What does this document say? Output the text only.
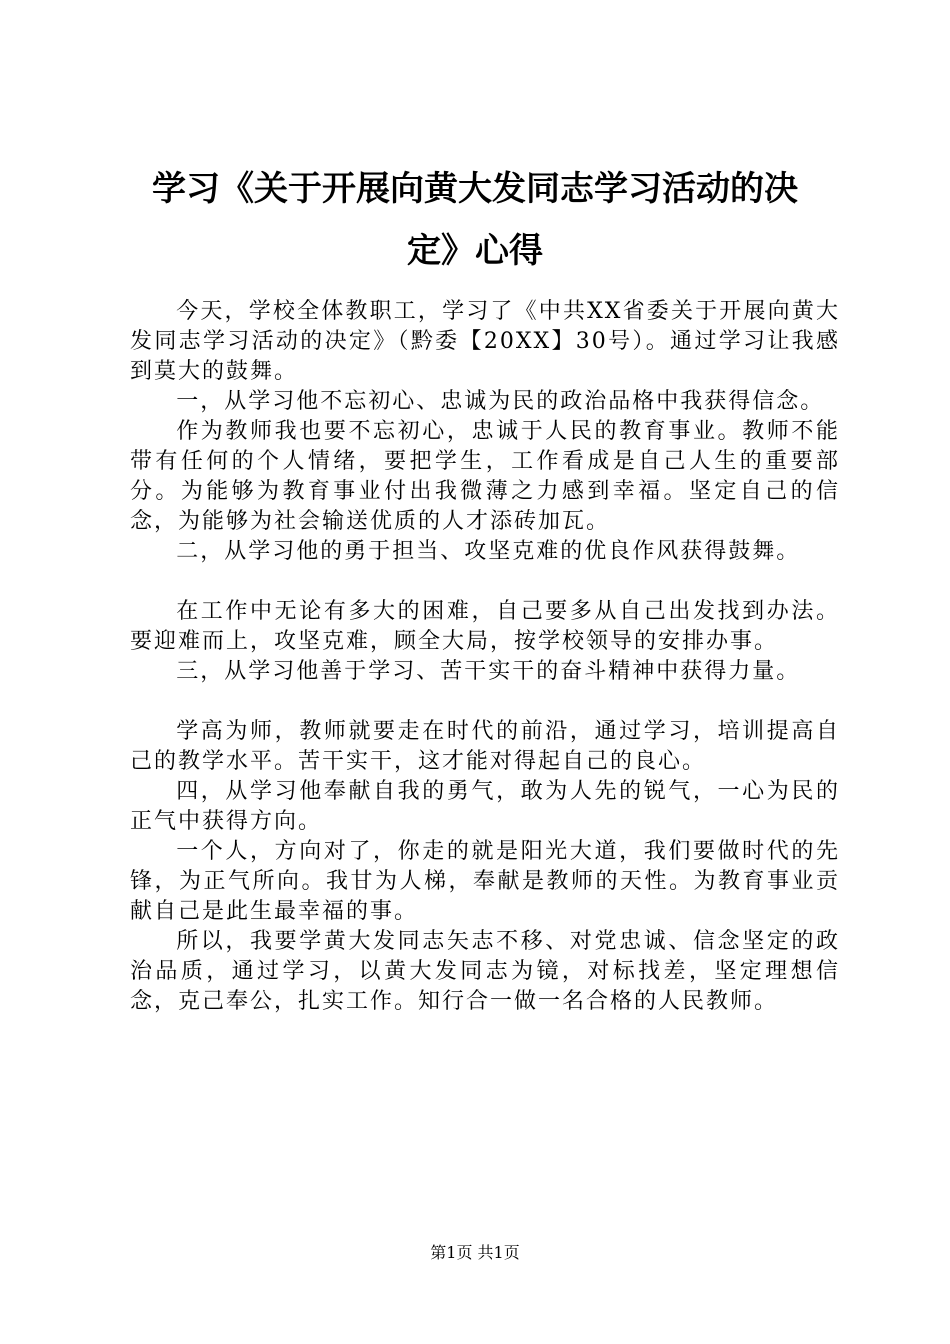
学习《关于开展向黄大发同志学习活动的决
定》心得

今天，学校全体教职工，学习了《中共XX省委关于开展向黄大发同志学习活动的决定》（黔委【20XX】30号）。通过学习让我感到莫大的鼓舞。

一，从学习他不忘初心、忠诚为民的政治品格中我获得信念。

作为教师我也要不忘初心，忠诚于人民的教育事业。教师不能带有任何的个人情绪，要把学生，工作看成是自己人生的重要部分。为能够为教育事业付出我微薄之力感到幸福。坚定自己的信念，为能够为社会输送优质的人才添砖加瓦。

二，从学习他的勇于担当、攻坚克难的优良作风获得鼓舞。

在工作中无论有多大的困难，自己要多从自己出发找到办法。要迎难而上，攻坚克难，顾全大局，按学校领导的安排办事。

三，从学习他善于学习、苦干实干的奋斗精神中获得力量。

学高为师，教师就要走在时代的前沿，通过学习，培训提高自己的教学水平。苦干实干，这才能对得起自己的良心。

四，从学习他奉献自我的勇气，敢为人先的锐气，一心为民的正气中获得方向。

一个人，方向对了，你走的就是阳光大道，我们要做时代的先锋，为正气所向。我甘为人梯，奉献是教师的天性。为教育事业贡献自己是此生最幸福的事。

所以，我要学黄大发同志矢志不移、对党忠诚、信念坚定的政治品质，通过学习，以黄大发同志为镜，对标找差，坚定理想信念，克己奉公，扎实工作。知行合一做一名合格的人民教师。

第1页 共1页
